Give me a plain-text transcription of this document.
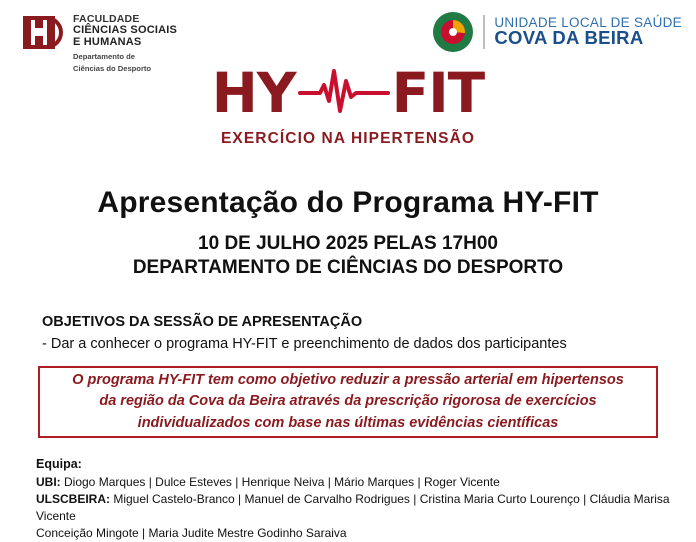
FACULDADE
CIÊNCIAS SOCIAIS
E HUMANAS
Departamento de
Ciências do Desporto
UNIDADE LOCAL DE SAÚDE
COVA DA BEIRA
HY FIT
EXERCÍCIO NA HIPERTENSÃO
Apresentação do Programa HY-FIT
10 DE JULHO 2025 PELAS 17H00
DEPARTAMENTO DE CIÊNCIAS DO DESPORTO
OBJETIVOS DA SESSÃO DE APRESENTAÇÃO
- Dar a conhecer o programa HY-FIT e preenchimento de dados dos participantes
O programa HY-FIT tem como objetivo reduzir a pressão arterial em hipertensos
da região da Cova da Beira através da prescrição rigorosa de exercícios
individualizados com base nas últimas evidências científicas
Equipa:
UBI: Diogo Marques | Dulce Esteves | Henrique Neiva | Mário Marques | Roger Vicente
ULSCBEIRA: Miguel Castelo-Branco | Manuel de Carvalho Rodrigues | Cristina Maria Curto Lourenço | Cláudia Marisa Vicente
Conceição Mingote | Maria Judite Mestre Godinho Saraiva
